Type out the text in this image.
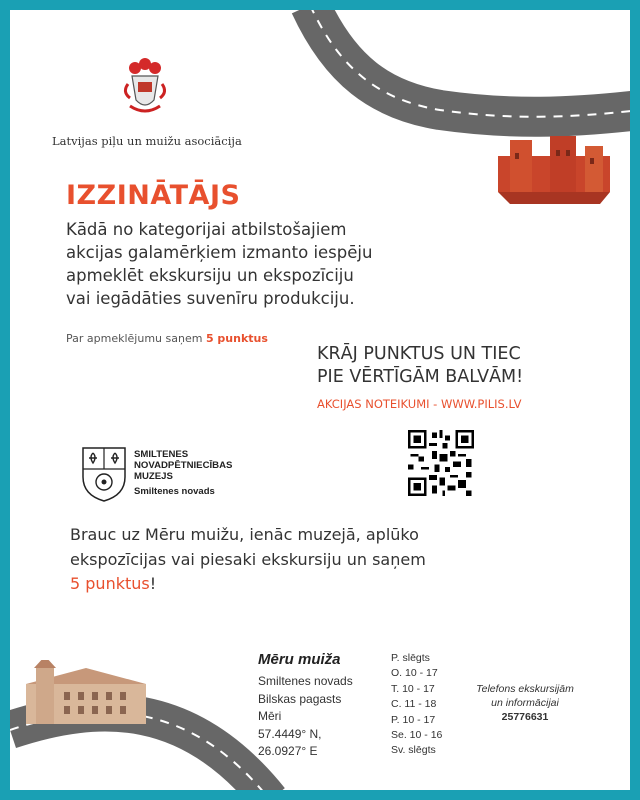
Latvijas piļu un muižu asociācija
IZZINĀTĀJS
Kādā no kategorijai atbilstošajiem
akcijas galamērķiem izmanto iespēju
apmeklēt ekskursiju un ekspozīciju
vai iegādāties suvenīru produkciju.
Par apmeklējumu saņem 5 punktus
KRĀJ PUNKTUS UN TIEC
PIE VĒRTĪGĀM BALVĀM!
AKCIJAS NOTEIKUMI - WWW.PILIS.LV
SMILTENES
NOVADPĒTNIECĪBAS
MUZEJS
Smiltenes novads
Brauc uz Mēru muižu, ienāc muzejā, aplūko
ekspozīcijas vai piesaki ekskursiju un saņem
5 punktus!
Mēru muiža
Smiltenes novads
Bilskas pagasts
Mēri
57.4449° N,
26.0927° E
P. slēgts
O. 10 - 17
T. 10 - 17
C. 11 - 18
P. 10 - 17
Se. 10 - 16
Sv. slēgts
Telefons ekskursijām
un informācijai
25776631
